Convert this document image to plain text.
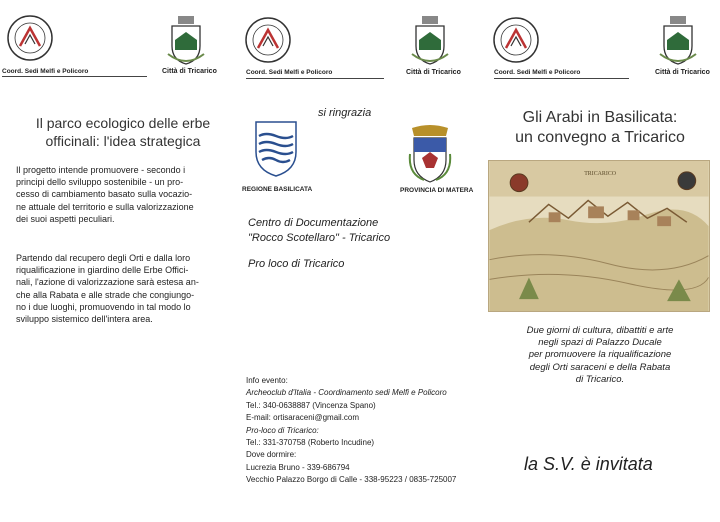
Coord. Sedi Melfi e Policoro	Città di Tricarico
Il parco ecologico delle erbe
officinali: l'idea strategica
Il progetto intende promuovere - secondo i
principi dello sviluppo sostenibile - un pro-
cesso di cambiamento basato sulla vocazio-
ne attuale del territorio e sulla valorizzazione
dei suoi aspetti peculiari.
Partendo dal recupero degli Orti e dalla loro
riqualificazione in giardino delle Erbe Offici-
nali, l'azione di valorizzazione sarà estesa an-
che alla Rabata e alle strade che congiungo-
no i due luoghi, promuovendo in tal modo lo
sviluppo sistemico dell'intera area.
Coord. Sedi Melfi e Policoro	Città di Tricarico
si ringrazia
REGIONE BASILICATA	PROVINCIA DI MATERA
Centro di Documentazione
"Rocco Scotellaro" - Tricarico
Pro loco di Tricarico
Info evento:
Archeoclub d'Italia - Coordinamento sedi Melfi e Policoro
Tel.: 340-0638887 (Vincenza Spano)
E-mail: ortisaraceni@gmail.com
Pro-loco di Tricarico:
Tel.: 331-370758 (Roberto Incudine)
Dove dormire:
Lucrezia Bruno - 339-686794
Vecchio Palazzo Borgo di Calle - 338-95223 / 0835-725007
Coord. Sedi Melfi e Policoro	Città di Tricarico
Gli Arabi in Basilicata:
un convegno a Tricarico
TRICARICO
Due giorni di cultura, dibattiti e arte
negli spazi di Palazzo Ducale
per promuovere la riqualificazione
degli Orti saraceni e della Rabata
di Tricarico.
la S.V. è invitata
